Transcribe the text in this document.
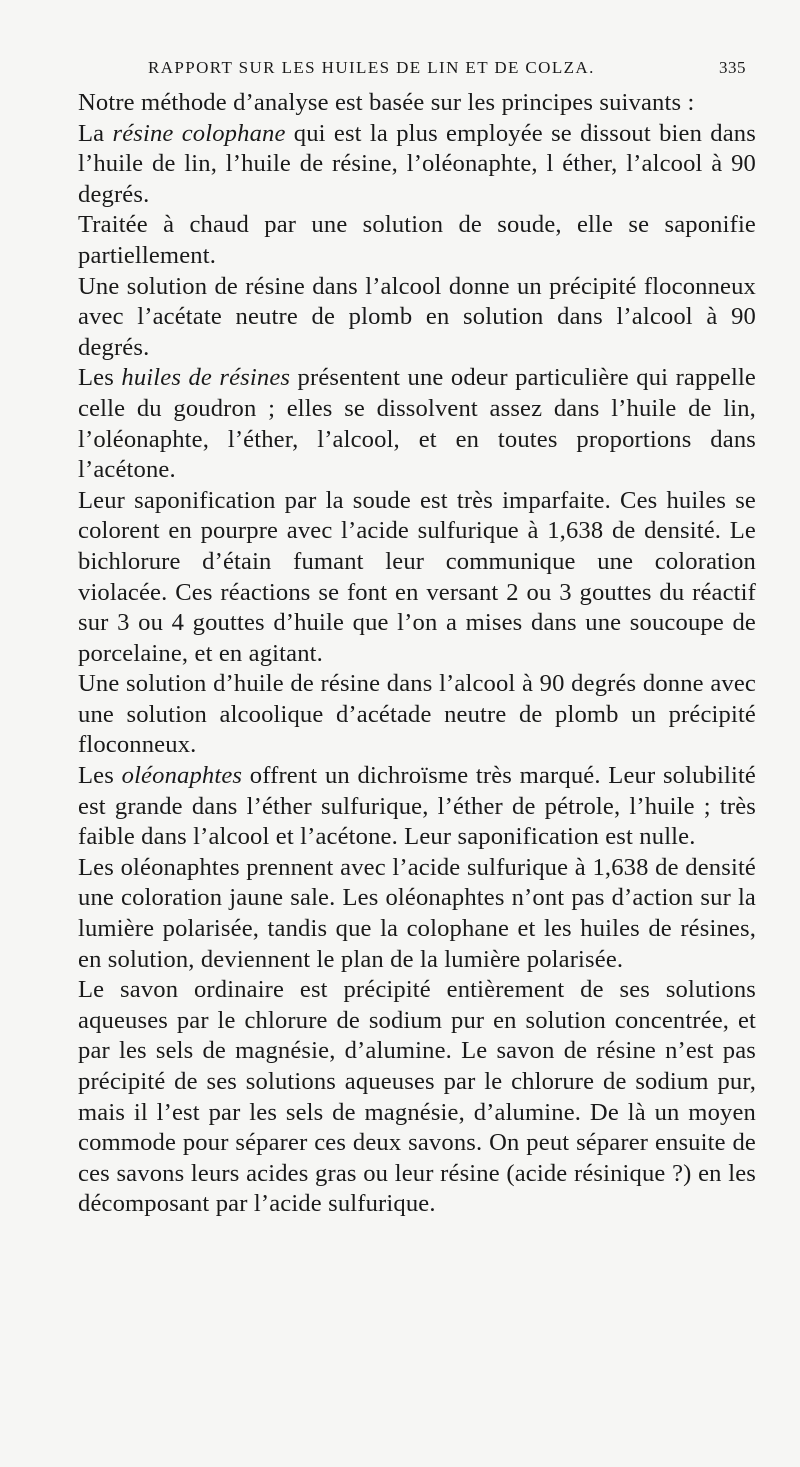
RAPPORT SUR LES HUILES DE LIN ET DE COLZA.	335

Notre méthode d’analyse est basée sur les principes suivants :

La résine colophane qui est la plus employée se dissout bien dans l’huile de lin, l’huile de résine, l’oléonaphte, l éther, l’alcool à 90 degrés.

Traitée à chaud par une solution de soude, elle se saponifie partiellement.

Une solution de résine dans l’alcool donne un précipité floconneux avec l’acétate neutre de plomb en solution dans l’alcool à 90 degrés.

Les huiles de résines présentent une odeur particulière qui rappelle celle du goudron ; elles se dissolvent assez dans l’huile de lin, l’oléonaphte, l’éther, l’alcool, et en toutes proportions dans l’acétone.

Leur saponification par la soude est très imparfaite. Ces huiles se colorent en pourpre avec l’acide sulfurique à 1,638 de densité. Le bichlorure d’étain fumant leur communique une coloration violacée. Ces réactions se font en versant 2 ou 3 gouttes du réactif sur 3 ou 4 gouttes d’huile que l’on a mises dans une soucoupe de porcelaine, et en agitant.

Une solution d’huile de résine dans l’alcool à 90 degrés donne avec une solution alcoolique d’acétade neutre de plomb un précipité floconneux.

Les oléonaphtes offrent un dichroïsme très marqué. Leur solubilité est grande dans l’éther sulfurique, l’éther de pétrole, l’huile ; très faible dans l’alcool et l’acétone. Leur saponification est nulle.

Les oléonaphtes prennent avec l’acide sulfurique à 1,638 de densité une coloration jaune sale. Les oléonaphtes n’ont pas d’action sur la lumière polarisée, tandis que la colophane et les huiles de résines, en solution, deviennent le plan de la lumière polarisée.

Le savon ordinaire est précipité entièrement de ses solutions aqueuses par le chlorure de sodium pur en solution concentrée, et par les sels de magnésie, d’alumine. Le savon de résine n’est pas précipité de ses solutions aqueuses par le chlorure de sodium pur, mais il l’est par les sels de magnésie, d’alumine. De là un moyen commode pour séparer ces deux savons. On peut séparer ensuite de ces savons leurs acides gras ou leur résine (acide résinique ?) en les décomposant par l’acide sulfurique.
